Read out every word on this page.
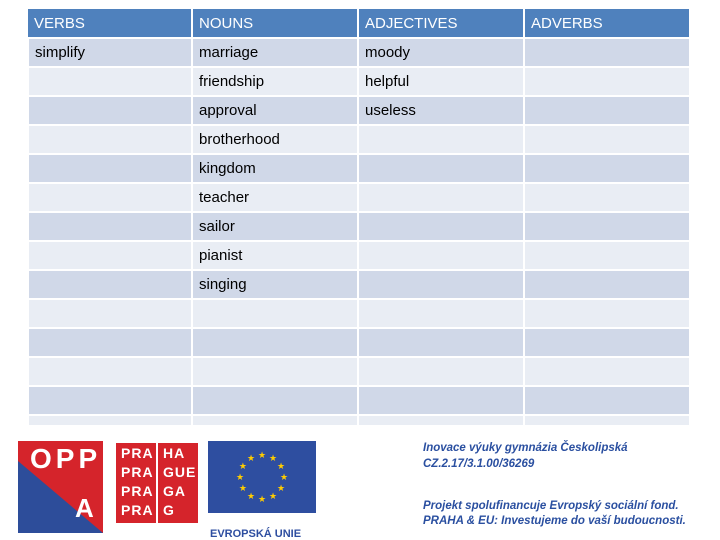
VERBS	NOUNS	ADJECTIVES	ADVERBS
simplify	marriage	moody	
	friendship	helpful	
	approval	useless	
	brotherhood		
	kingdom		
	teacher		
	sailor		
	pianist		
	singing		

OPP
A
PRA HA
PRA GUE
PRA GA
PRA G
★
★
★
★
★
★
★
★
★ ★ ★
★
EVROPSKÁ UNIE
Inovace výuky gymnázia Českolipská
CZ.2.17/3.1.00/36269
Projekt spolufinancuje Evropský sociální fond.
PRAHA & EU: Investujeme do vaší budoucnosti.
